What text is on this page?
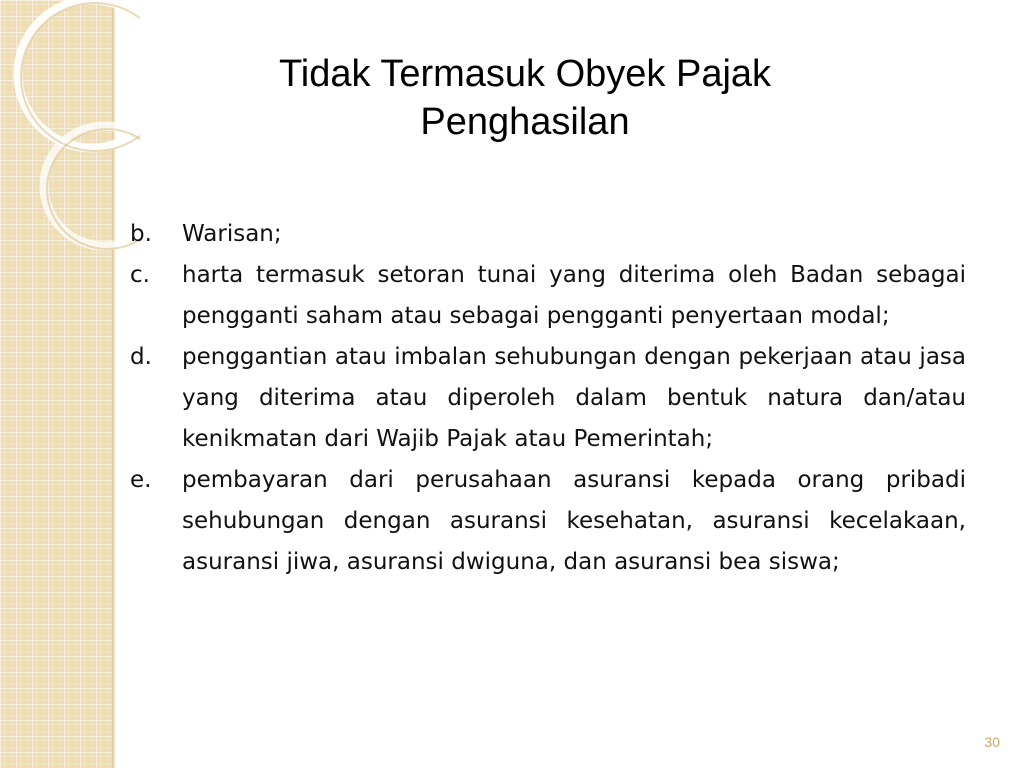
Tidak Termasuk Obyek Pajak
Penghasilan
b.	Warisan;
c.	harta termasuk setoran tunai yang diterima oleh Badan sebagai pengganti saham atau sebagai pengganti penyertaan modal;
d.	penggantian atau imbalan sehubungan dengan pekerjaan atau jasa yang diterima atau diperoleh dalam bentuk natura dan/atau kenikmatan dari Wajib Pajak atau Pemerintah;
e.	pembayaran dari perusahaan asuransi kepada orang pribadi sehubungan dengan asuransi kesehatan, asuransi kecelakaan, asuransi jiwa, asuransi dwiguna, dan asuransi bea siswa;
30
